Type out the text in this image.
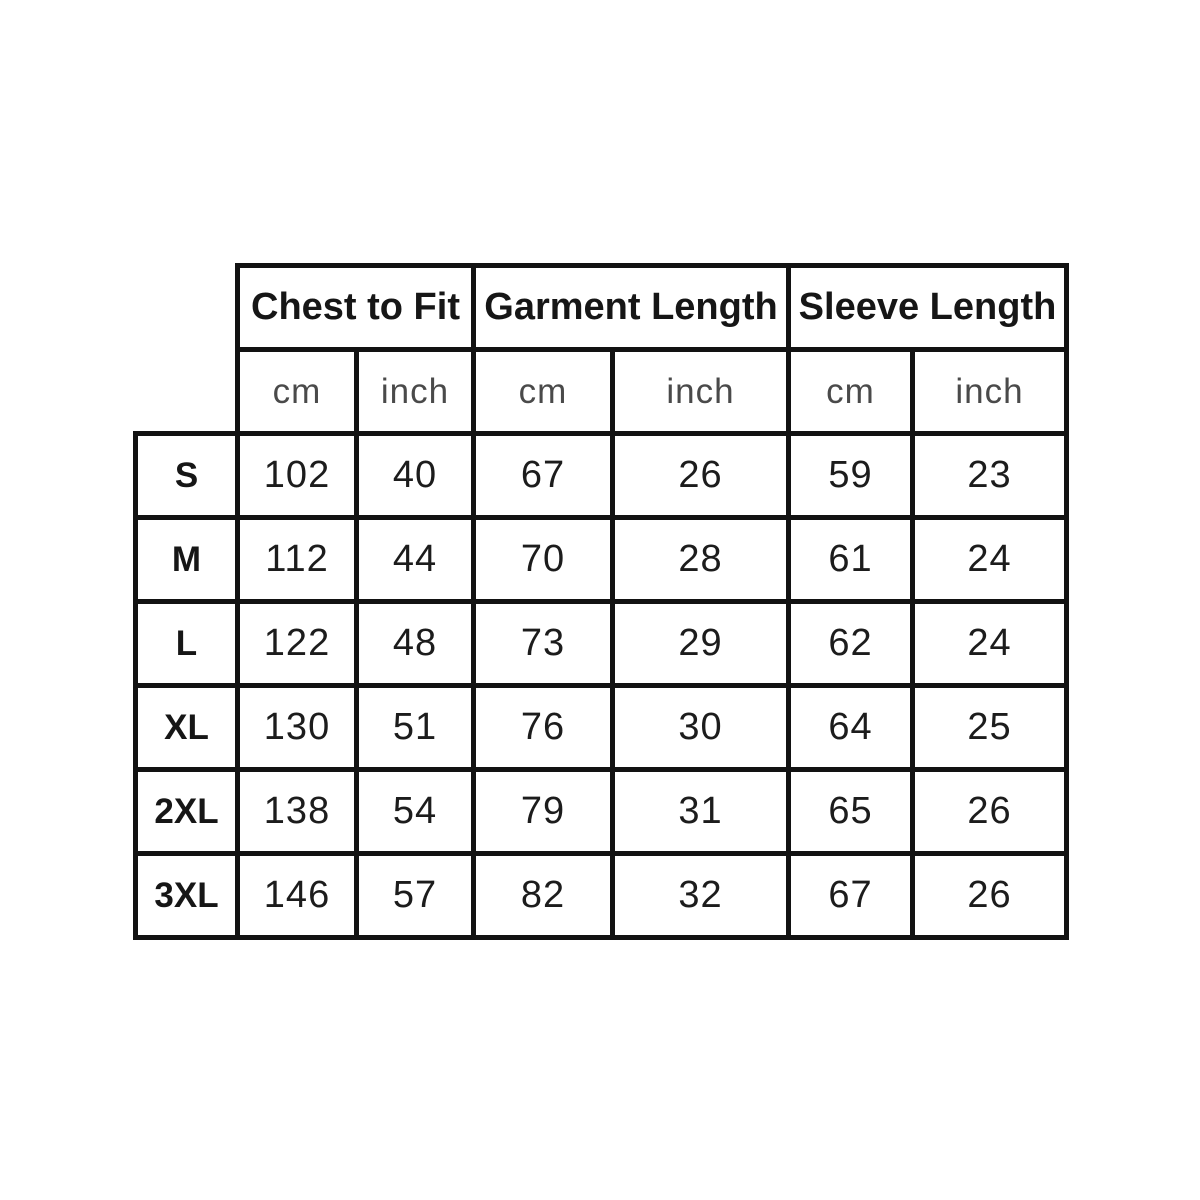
	Chest to Fit		Garment Length		Sleeve Length	
	cm	inch	cm	inch	cm	inch
S	102	40	67	26	59	23
M	112	44	70	28	61	24
L	122	48	73	29	62	24
XL	130	51	76	30	64	25
2XL	138	54	79	31	65	26
3XL	146	57	82	32	67	26
